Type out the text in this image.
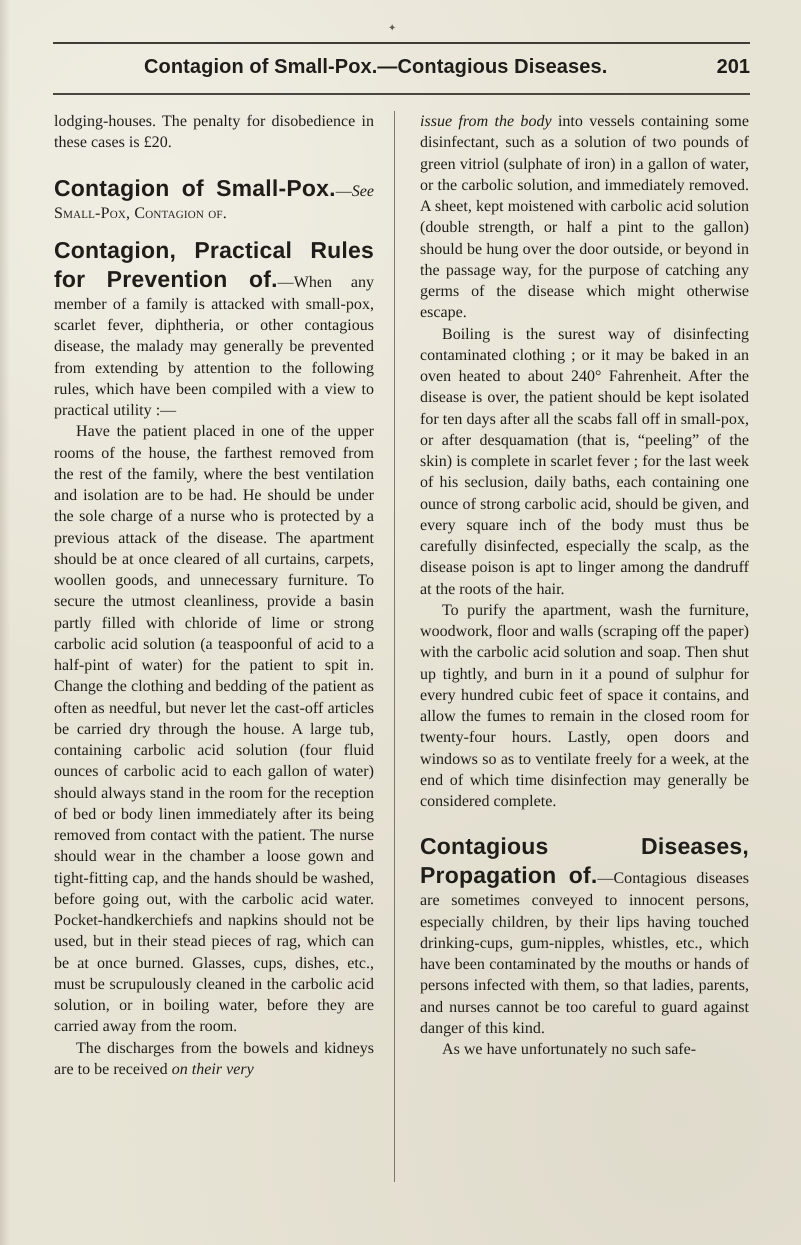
✦
Contagion of Small-Pox.—Contagious Diseases.	201

lodging-houses. The penalty for disobedience in these cases is £20.

Contagion of Small-Pox.—See Small-Pox, Contagion of.

Contagion, Practical Rules for Prevention of.—When any member of a family is attacked with small-pox, scarlet fever, diphtheria, or other contagious disease, the malady may generally be prevented from extending by attention to the following rules, which have been compiled with a view to practical utility :—

Have the patient placed in one of the upper rooms of the house, the farthest removed from the rest of the family, where the best ventilation and isolation are to be had. He should be under the sole charge of a nurse who is protected by a previous attack of the disease. The apartment should be at once cleared of all curtains, carpets, woollen goods, and unnecessary furniture. To secure the utmost cleanliness, provide a basin partly filled with chloride of lime or strong carbolic acid solution (a teaspoonful of acid to a half-pint of water) for the patient to spit in. Change the clothing and bedding of the patient as often as needful, but never let the cast-off articles be carried dry through the house. A large tub, containing carbolic acid solution (four fluid ounces of carbolic acid to each gallon of water) should always stand in the room for the reception of bed or body linen immediately after its being removed from contact with the patient. The nurse should wear in the chamber a loose gown and tight-fitting cap, and the hands should be washed, before going out, with the carbolic acid water. Pocket-handkerchiefs and napkins should not be used, but in their stead pieces of rag, which can be at once burned. Glasses, cups, dishes, etc., must be scrupulously cleaned in the carbolic acid solution, or in boiling water, before they are carried away from the room.

The discharges from the bowels and kidneys are to be received on their very

issue from the body into vessels containing some disinfectant, such as a solution of two pounds of green vitriol (sulphate of iron) in a gallon of water, or the carbolic solution, and immediately removed. A sheet, kept moistened with carbolic acid solution (double strength, or half a pint to the gallon) should be hung over the door outside, or beyond in the passage way, for the purpose of catching any germs of the disease which might otherwise escape.

Boiling is the surest way of disinfecting contaminated clothing ; or it may be baked in an oven heated to about 240° Fahrenheit. After the disease is over, the patient should be kept isolated for ten days after all the scabs fall off in small-pox, or after desquamation (that is, “peeling” of the skin) is complete in scarlet fever ; for the last week of his seclusion, daily baths, each containing one ounce of strong carbolic acid, should be given, and every square inch of the body must thus be carefully disinfected, especially the scalp, as the disease poison is apt to linger among the dandruff at the roots of the hair.

To purify the apartment, wash the furniture, woodwork, floor and walls (scraping off the paper) with the carbolic acid solution and soap. Then shut up tightly, and burn in it a pound of sulphur for every hundred cubic feet of space it contains, and allow the fumes to remain in the closed room for twenty-four hours. Lastly, open doors and windows so as to ventilate freely for a week, at the end of which time disinfection may generally be considered complete.

Contagious Diseases, Propagation of.—Contagious diseases are sometimes conveyed to innocent persons, especially children, by their lips having touched drinking-cups, gum-nipples, whistles, etc., which have been contaminated by the mouths or hands of persons infected with them, so that ladies, parents, and nurses cannot be too careful to guard against danger of this kind.

As we have unfortunately no such safe-
